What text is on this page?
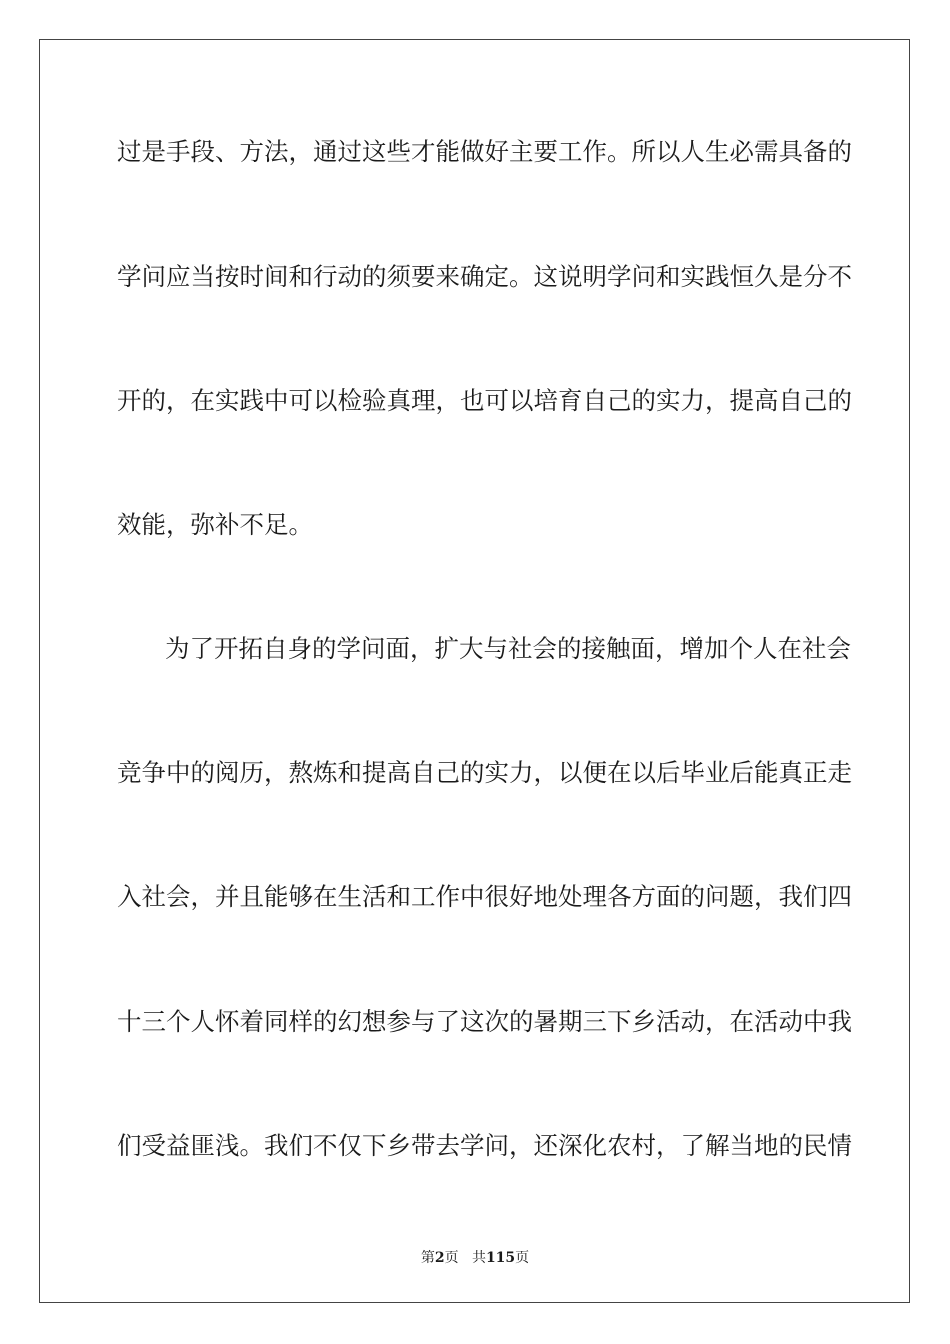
过是手段、方法，通过这些才能做好主要工作。所以人生必需具备的
学问应当按时间和行动的须要来确定。这说明学问和实践恒久是分不
开的，在实践中可以检验真理，也可以培育自己的实力，提高自己的
效能，弥补不足。
为了开拓自身的学问面，扩大与社会的接触面，增加个人在社会
竞争中的阅历，熬炼和提高自己的实力，以便在以后毕业后能真正走
入社会，并且能够在生活和工作中很好地处理各方面的问题，我们四
十三个人怀着同样的幻想参与了这次的暑期三下乡活动，在活动中我
们受益匪浅。我们不仅下乡带去学问，还深化农村，了解当地的民情
第2页 共115页
